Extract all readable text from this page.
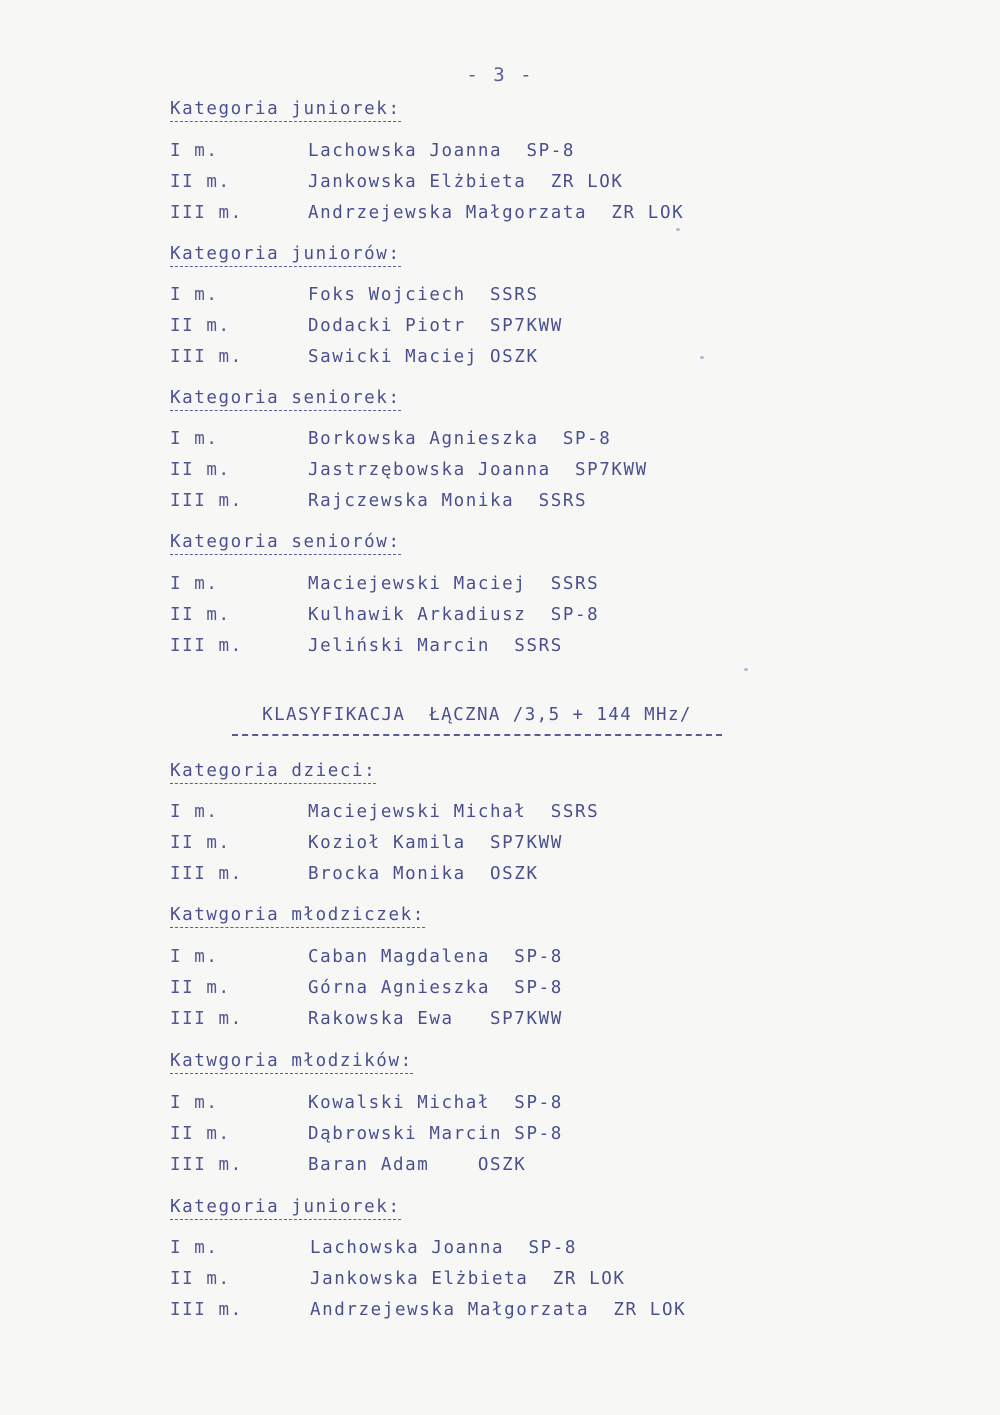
- 3 -
Kategoria juniorek:
I m.	Lachowska Joanna  SP-8
II m.	Jankowska Elżbieta  ZR LOK
III m.	Andrzejewska Małgorzata  ZR LOK
Kategoria juniorów:
I m.	Foks Wojciech  SSRS
II m.	Dodacki Piotr  SP7KWW
III m.	Sawicki Maciej OSZK
Kategoria seniorek:
I m.	Borkowska Agnieszka  SP-8
II m.	Jastrzębowska Joanna  SP7KWW
III m.	Rajczewska Monika  SSRS
Kategoria seniorów:
I m.	Maciejewski Maciej  SSRS
II m.	Kulhawik Arkadiusz  SP-8
III m.	Jeliński Marcin  SSRS
KLASYFIKACJA  ŁĄCZNA /3,5 + 144 MHz/
Kategoria dzieci:
I m.	Maciejewski Michał  SSRS
II m.	Kozioł Kamila  SP7KWW
III m.	Brocka Monika  OSZK
Katwgoria młodziczek:
I m.	Caban Magdalena  SP-8
II m.	Górna Agnieszka  SP-8
III m.	Rakowska Ewa   SP7KWW
Katwgoria młodzików:
I m.	Kowalski Michał  SP-8
II m.	Dąbrowski Marcin SP-8
III m.	Baran Adam    OSZK
Kategoria juniorek:
I m.	Lachowska Joanna  SP-8
II m.	Jankowska Elżbieta  ZR LOK
III m.	Andrzejewska Małgorzata  ZR LOK
